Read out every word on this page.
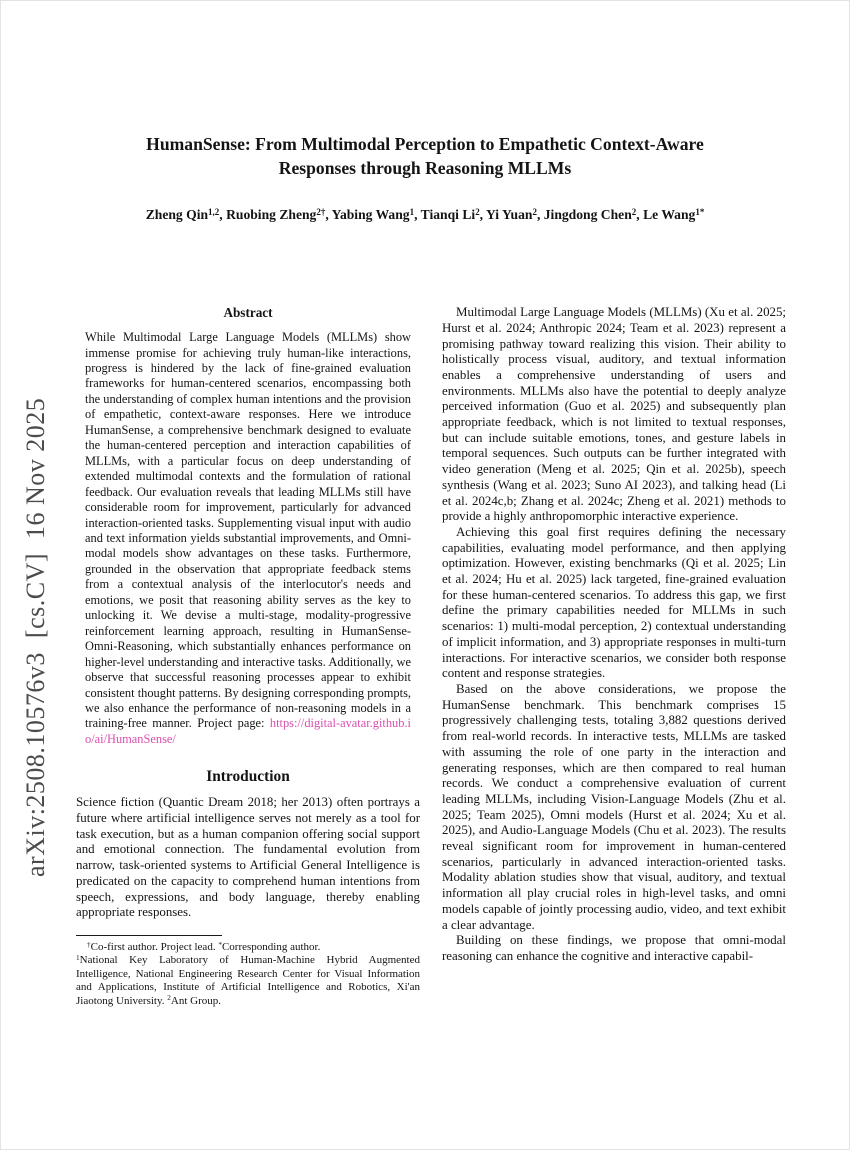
arXiv:2508.10576v3  [cs.CV]  16 Nov 2025
HumanSense: From Multimodal Perception to Empathetic Context-Aware
Responses through Reasoning MLLMs
Zheng Qin$^{1,2}$, Ruobing Zheng$^{2\dagger}$, Yabing Wang$^1$, Tianqi Li$^2$, Yi Yuan$^2$, Jingdong Chen$^2$, Le Wang$^{1*}$
Abstract
While Multimodal Large Language Models (MLLMs) show immense promise for achieving truly human-like interactions, progress is hindered by the lack of fine-grained evaluation frameworks for human-centered scenarios, encompassing both the understanding of complex human intentions and the provision of empathetic, context-aware responses. Here we introduce HumanSense, a comprehensive benchmark designed to evaluate the human-centered perception and interaction capabilities of MLLMs, with a particular focus on deep understanding of extended multimodal contexts and the formulation of rational feedback. Our evaluation reveals that leading MLLMs still have considerable room for improvement, particularly for advanced interaction-oriented tasks. Supplementing visual input with audio and text information yields substantial improvements, and Omni-modal models show advantages on these tasks. Furthermore, grounded in the observation that appropriate feedback stems from a contextual analysis of the interlocutor's needs and emotions, we posit that reasoning ability serves as the key to unlocking it. We devise a multi-stage, modality-progressive reinforcement learning approach, resulting in HumanSense-Omni-Reasoning, which substantially enhances performance on higher-level understanding and interactive tasks. Additionally, we observe that successful reasoning processes appear to exhibit consistent thought patterns. By designing corresponding prompts, we also enhance the performance of non-reasoning models in a training-free manner. Project page: https://digital-avatar.github.io/ai/HumanSense/
Introduction

Science fiction (Quantic Dream 2018; her 2013) often portrays a future where artificial intelligence serves not merely as a tool for task execution, but as a human companion offering social support and emotional connection. The fundamental evolution from narrow, task-oriented systems to Artificial General Intelligence is predicated on the capacity to comprehend human intentions from speech, expressions, and body language, thereby enabling appropriate responses.

†Co-first author. Project lead. *Corresponding author.
$^1$National Key Laboratory of Human-Machine Hybrid Augmented Intelligence, National Engineering Research Center for Visual Information and Applications, Institute of Artificial Intelligence and Robotics, Xi'an Jiaotong University. $^2$Ant Group.

Multimodal Large Language Models (MLLMs) (Xu et al. 2025; Hurst et al. 2024; Anthropic 2024; Team et al. 2023) represent a promising pathway toward realizing this vision. Their ability to holistically process visual, auditory, and textual information enables a comprehensive understanding of users and environments. MLLMs also have the potential to deeply analyze perceived information (Guo et al. 2025) and subsequently plan appropriate feedback, which is not limited to textual responses, but can include suitable emotions, tones, and gesture labels in temporal sequences. Such outputs can be further integrated with video generation (Meng et al. 2025; Qin et al. 2025b), speech synthesis (Wang et al. 2023; Suno AI 2023), and talking head (Li et al. 2024c,b; Zhang et al. 2024c; Zheng et al. 2021) methods to provide a highly anthropomorphic interactive experience.

Achieving this goal first requires defining the necessary capabilities, evaluating model performance, and then applying optimization. However, existing benchmarks (Qi et al. 2025; Lin et al. 2024; Hu et al. 2025) lack targeted, fine-grained evaluation for these human-centered scenarios. To address this gap, we first define the primary capabilities needed for MLLMs in such scenarios: 1) multi-modal perception, 2) contextual understanding of implicit information, and 3) appropriate responses in multi-turn interactions. For interactive scenarios, we consider both response content and response strategies.

Based on the above considerations, we propose the HumanSense benchmark. This benchmark comprises 15 progressively challenging tests, totaling 3,882 questions derived from real-world records. In interactive tests, MLLMs are tasked with assuming the role of one party in the interaction and generating responses, which are then compared to real human records. We conduct a comprehensive evaluation of current leading MLLMs, including Vision-Language Models (Zhu et al. 2025; Team 2025), Omni models (Hurst et al. 2024; Xu et al. 2025), and Audio-Language Models (Chu et al. 2023). The results reveal significant room for improvement in human-centered scenarios, particularly in advanced interaction-oriented tasks. Modality ablation studies show that visual, auditory, and textual information all play crucial roles in high-level tasks, and omni models capable of jointly processing audio, video, and text exhibit a clear advantage.

Building on these findings, we propose that omni-modal reasoning can enhance the cognitive and interactive capabil-
